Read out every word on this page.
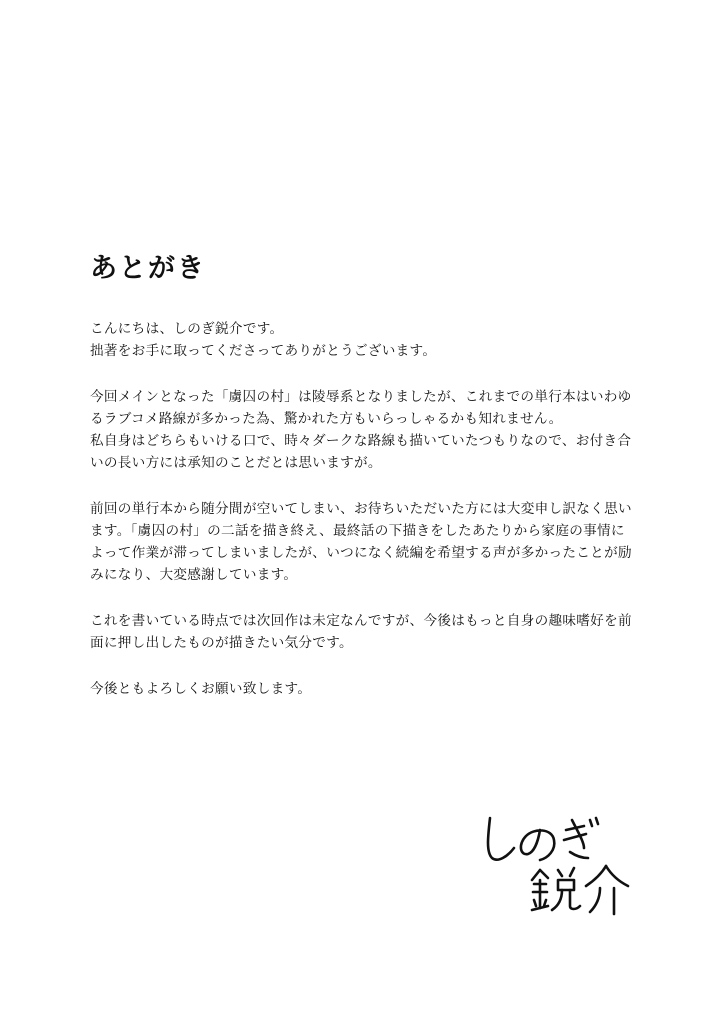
あとがき

こんにちは、しのぎ鋭介です。
拙著をお手に取ってくださってありがとうございます。

今回メインとなった「虜囚の村」は陵辱系となりましたが、これまでの単行本はいわゆ
るラブコメ路線が多かった為、驚かれた方もいらっしゃるかも知れません。
私自身はどちらもいける口で、時々ダークな路線も描いていたつもりなので、お付き合
いの長い方には承知のことだとは思いますが。

前回の単行本から随分間が空いてしまい、お待ちいただいた方には大変申し訳なく思い
ます。「虜囚の村」の二話を描き終え、最終話の下描きをしたあたりから家庭の事情に
よって作業が滞ってしまいましたが、いつになく続編を希望する声が多かったことが励
みになり、大変感謝しています。

これを書いている時点では次回作は未定なんですが、今後はもっと自身の趣味嗜好を前
面に押し出したものが描きたい気分です。

今後ともよろしくお願い致します。
